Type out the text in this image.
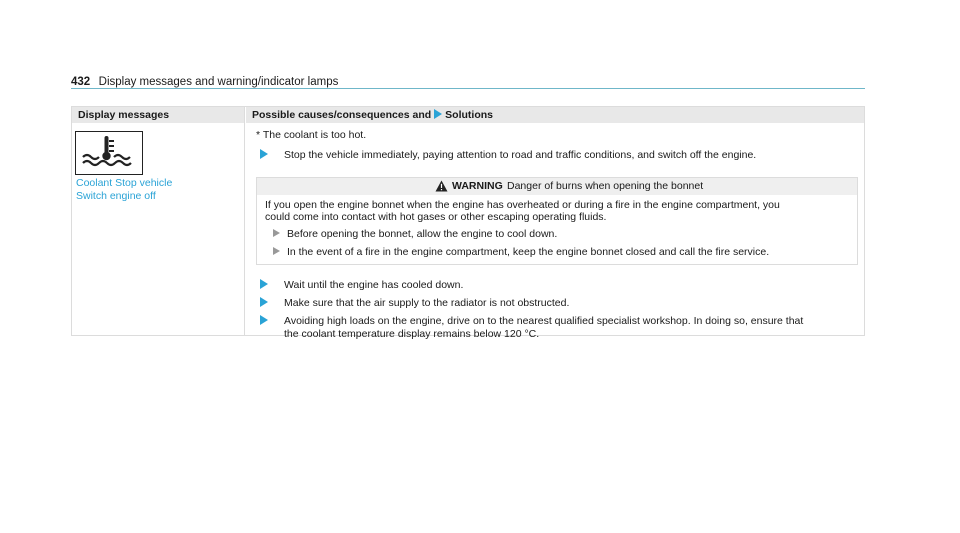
432 Display messages and warning/indicator lamps
Display messages	Possible causes/consequences and Solutions
Coolant Stop vehicle
Switch engine off
* The coolant is too hot.
Stop the vehicle immediately, paying attention to road and traffic conditions, and switch off the engine.
WARNING Danger of burns when opening the bonnet
If you open the engine bonnet when the engine has overheated or during a fire in the engine compartment, you
could come into contact with hot gases or other escaping operating fluids.
Before opening the bonnet, allow the engine to cool down.
In the event of a fire in the engine compartment, keep the engine bonnet closed and call the fire service.
Wait until the engine has cooled down.
Make sure that the air supply to the radiator is not obstructed.
Avoiding high loads on the engine, drive on to the nearest qualified specialist workshop. In doing so, ensure that
the coolant temperature display remains below 120 °C.
